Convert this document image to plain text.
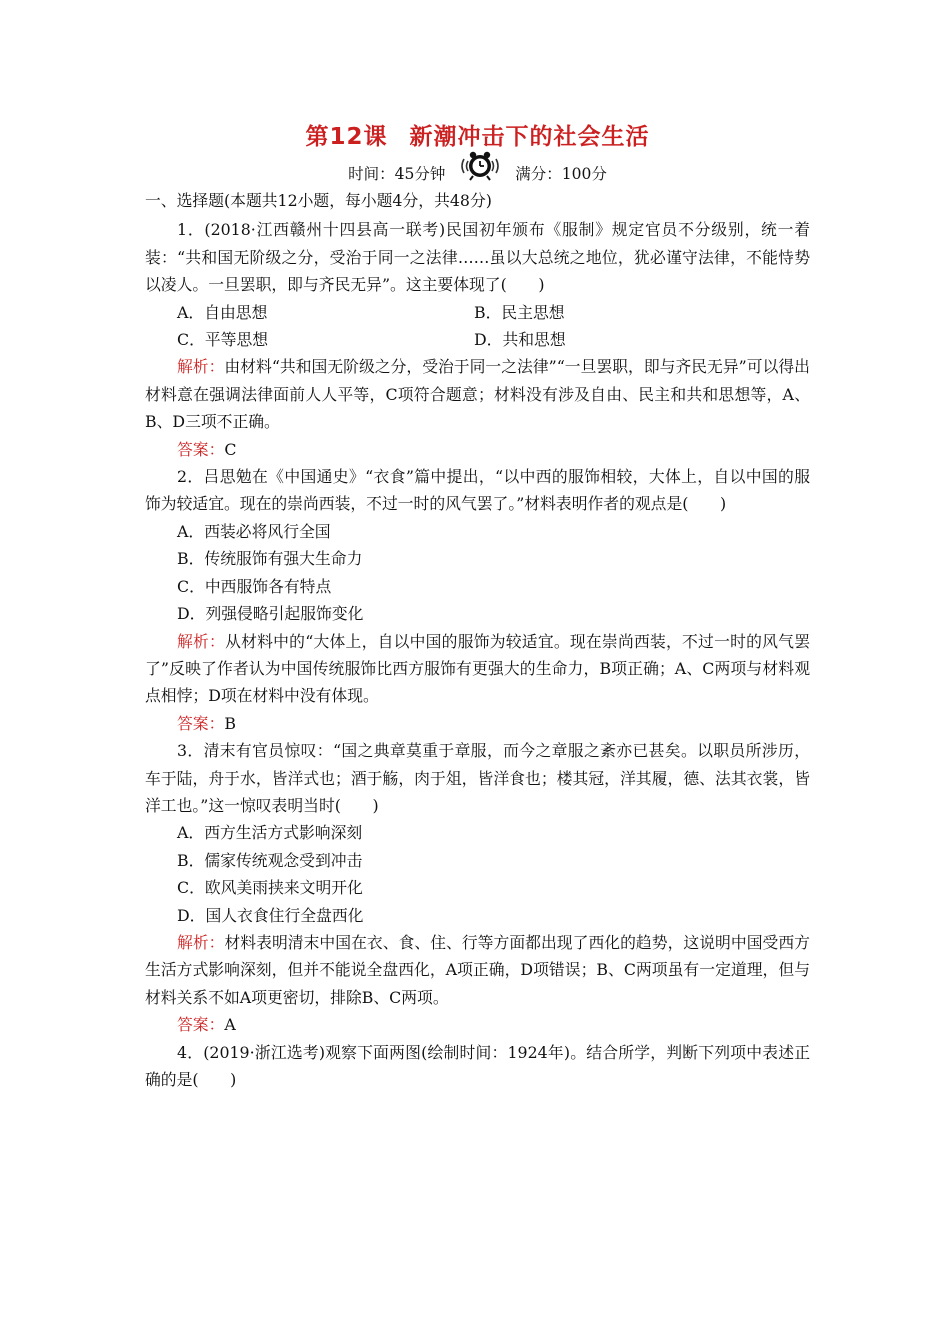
第12课 新潮冲击下的社会生活
时间：45分钟	满分：100分
一、选择题(本题共12小题，每小题4分，共48分)
1．(2018·江西赣州十四县高一联考)民国初年颁布《服制》规定官员不分级别，统一着装：“共和国无阶级之分，受治于同一之法律……虽以大总统之地位，犹必谨守法律，不能恃势以凌人。一旦罢职，即与齐民无异”。这主要体现了(　　)
A．自由思想	B．民主思想
C．平等思想	D．共和思想
解析：由材料“共和国无阶级之分，受治于同一之法律”“一旦罢职，即与齐民无异”可以得出材料意在强调法律面前人人平等，C项符合题意；材料没有涉及自由、民主和共和思想等，A、B、D三项不正确。
答案：C
2．吕思勉在《中国通史》“衣食”篇中提出，“以中西的服饰相较，大体上，自以中国的服饰为较适宜。现在的崇尚西装，不过一时的风气罢了。”材料表明作者的观点是(　　)
A．西装必将风行全国
B．传统服饰有强大生命力
C．中西服饰各有特点
D．列强侵略引起服饰变化
解析：从材料中的“大体上，自以中国的服饰为较适宜。现在崇尚西装，不过一时的风气罢了”反映了作者认为中国传统服饰比西方服饰有更强大的生命力，B项正确；A、C两项与材料观点相悖；D项在材料中没有体现。
答案：B
3．清末有官员惊叹：“国之典章莫重于章服，而今之章服之紊亦已甚矣。以职员所涉历，车于陆，舟于水，皆洋式也；酒于觞，肉于俎，皆洋食也；楼其冠，洋其履，德、法其衣裳，皆洋工也。”这一惊叹表明当时(　　)
A．西方生活方式影响深刻
B．儒家传统观念受到冲击
C．欧风美雨挟来文明开化
D．国人衣食住行全盘西化
解析：材料表明清末中国在衣、食、住、行等方面都出现了西化的趋势，这说明中国受西方生活方式影响深刻，但并不能说全盘西化，A项正确，D项错误；B、C两项虽有一定道理，但与材料关系不如A项更密切，排除B、C两项。
答案：A
4．(2019·浙江选考)观察下面两图(绘制时间：1924年)。结合所学，判断下列项中表述正确的是(　　)
